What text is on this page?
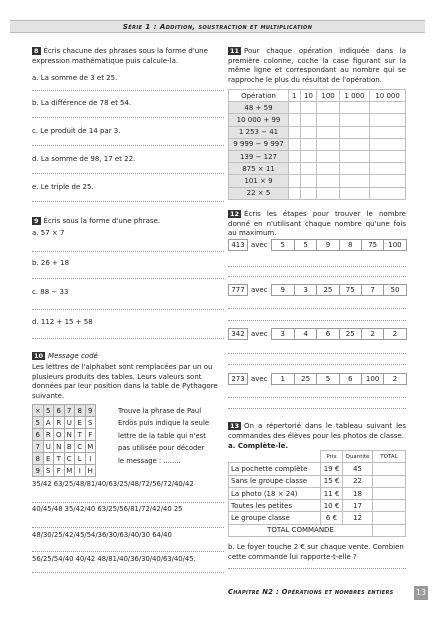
Série 1 : Addition, soustraction et multiplication
8 Écris chacune des phrases sous la forme d'une expression mathématique puis calcule-la.
a. La somme de 3 et 25.
b. La différence de 78 et 54.
c. Le produit de 14 par 3.
d. La somme de 98, 17 et 22.
e. Le triple de 25.
9 Écris sous la forme d'une phrase.
a. 57 × 7
b. 26 + 18
c. 88 − 33
d. 112 + 15 + 58
10 Message codé
Les lettres de l'alphabet sont remplacées par un ou plusieurs produits des tables. Leurs valeurs sont données par leur position dans la table de Pythagore suivante.
×	5	6	7	8	9
5	A	R	U	E	S
6	R	O	N	T	F
7	U	N	B	C	M
8	E	T	C	L	I
9	S	F	M	I	H
Trouve la phrase de Paul
Erdös puis indique la seule
lettre de la table qui n'est
pas utilisée pour décoder
le message : ........
35/42 63/25/48/81/40/63/25/48/72/56/72/40/42
40/45/48 35/42/40 63/25/56/81/72/42/40 25
48/30/25/42/45/54/36/30/63/40/30 64/40
56/25/54/40 40/42 48/81/40/36/30/40/63/40/45.
11 Pour chaque opération indiquée dans la première colonne, coche la case figurant sur la même ligne et correspondant au nombre qui se rapproche le plus du résultat de l'opération.
Opération	1	10	100	1 000	10 000
48 + 59					
10 000 + 99					
1 253 − 41					
9 999 − 9 997					
139 − 127					
875 × 11					
101 × 9					
22 × 5					
12 Écris les étapes pour trouver le nombre donné en n'utilisant chaque nombre qu'une fois au maximum.
413 avec	5	5	9	8	75	100
777 avec	9	3	25	75	7	50
342 avec	3	4	6	25	2	2
273 avec	1	25	5	6	100	2
13 On a répertorié dans le tableau suivant les commandes des élèves pour les photos de classe.
a. Complète-le.
	Prix	Quantité	TOTAL
La pochette complète	19 €	45	
Sans le groupe classe	15 €	22	
La photo (18 × 24)	11 €	18	
Toutes les petites	10 €	17	
Le groupe classe	6 €	12	
TOTAL COMMANDE			
b. Le foyer touche 2 € sur chaque vente. Combien cette commande lui rapporte-t-elle ?
Chapitre N2 : Opérations et nombres entiers	13
